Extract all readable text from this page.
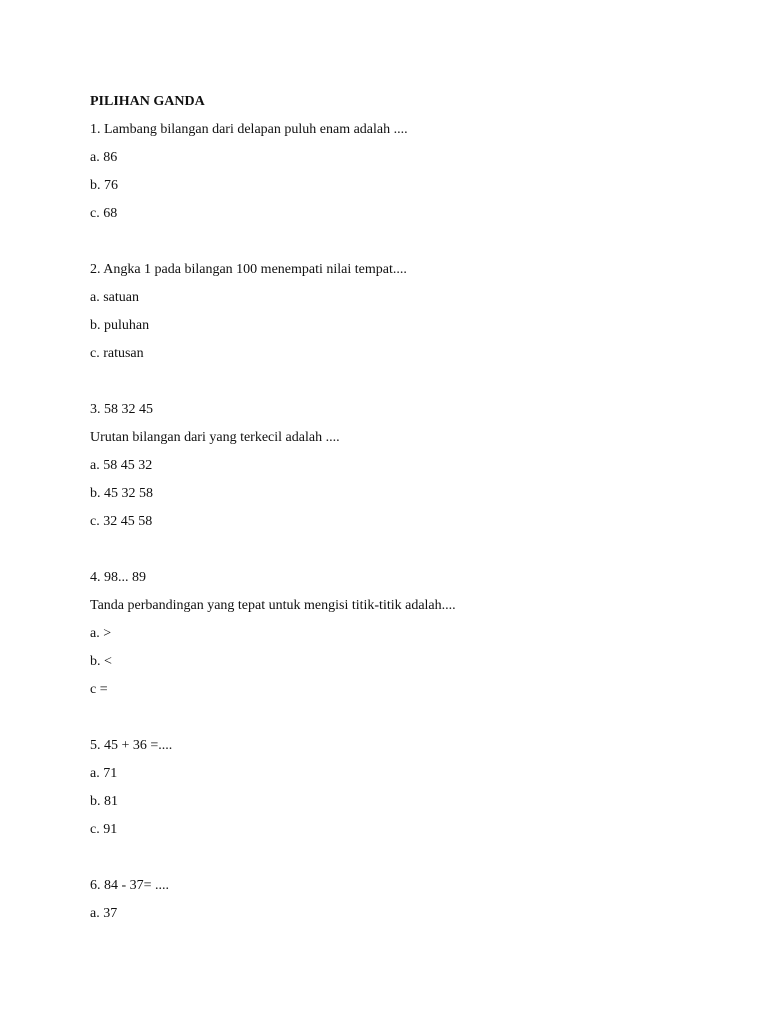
PILIHAN GANDA
1. Lambang bilangan dari delapan puluh enam adalah ....
a. 86
b. 76
c. 68
2. Angka 1 pada bilangan 100 menempati nilai tempat....
a. satuan
b. puluhan
c. ratusan
3. 58 32 45
Urutan bilangan dari yang terkecil adalah ....
a. 58 45 32
b. 45 32 58
c. 32 45 58
4. 98... 89
Tanda perbandingan yang tepat untuk mengisi titik-titik adalah....
a. >
b. <
c =
5. 45 + 36 =....
a. 71
b. 81
c. 91
6. 84 - 37= ....
a. 37
